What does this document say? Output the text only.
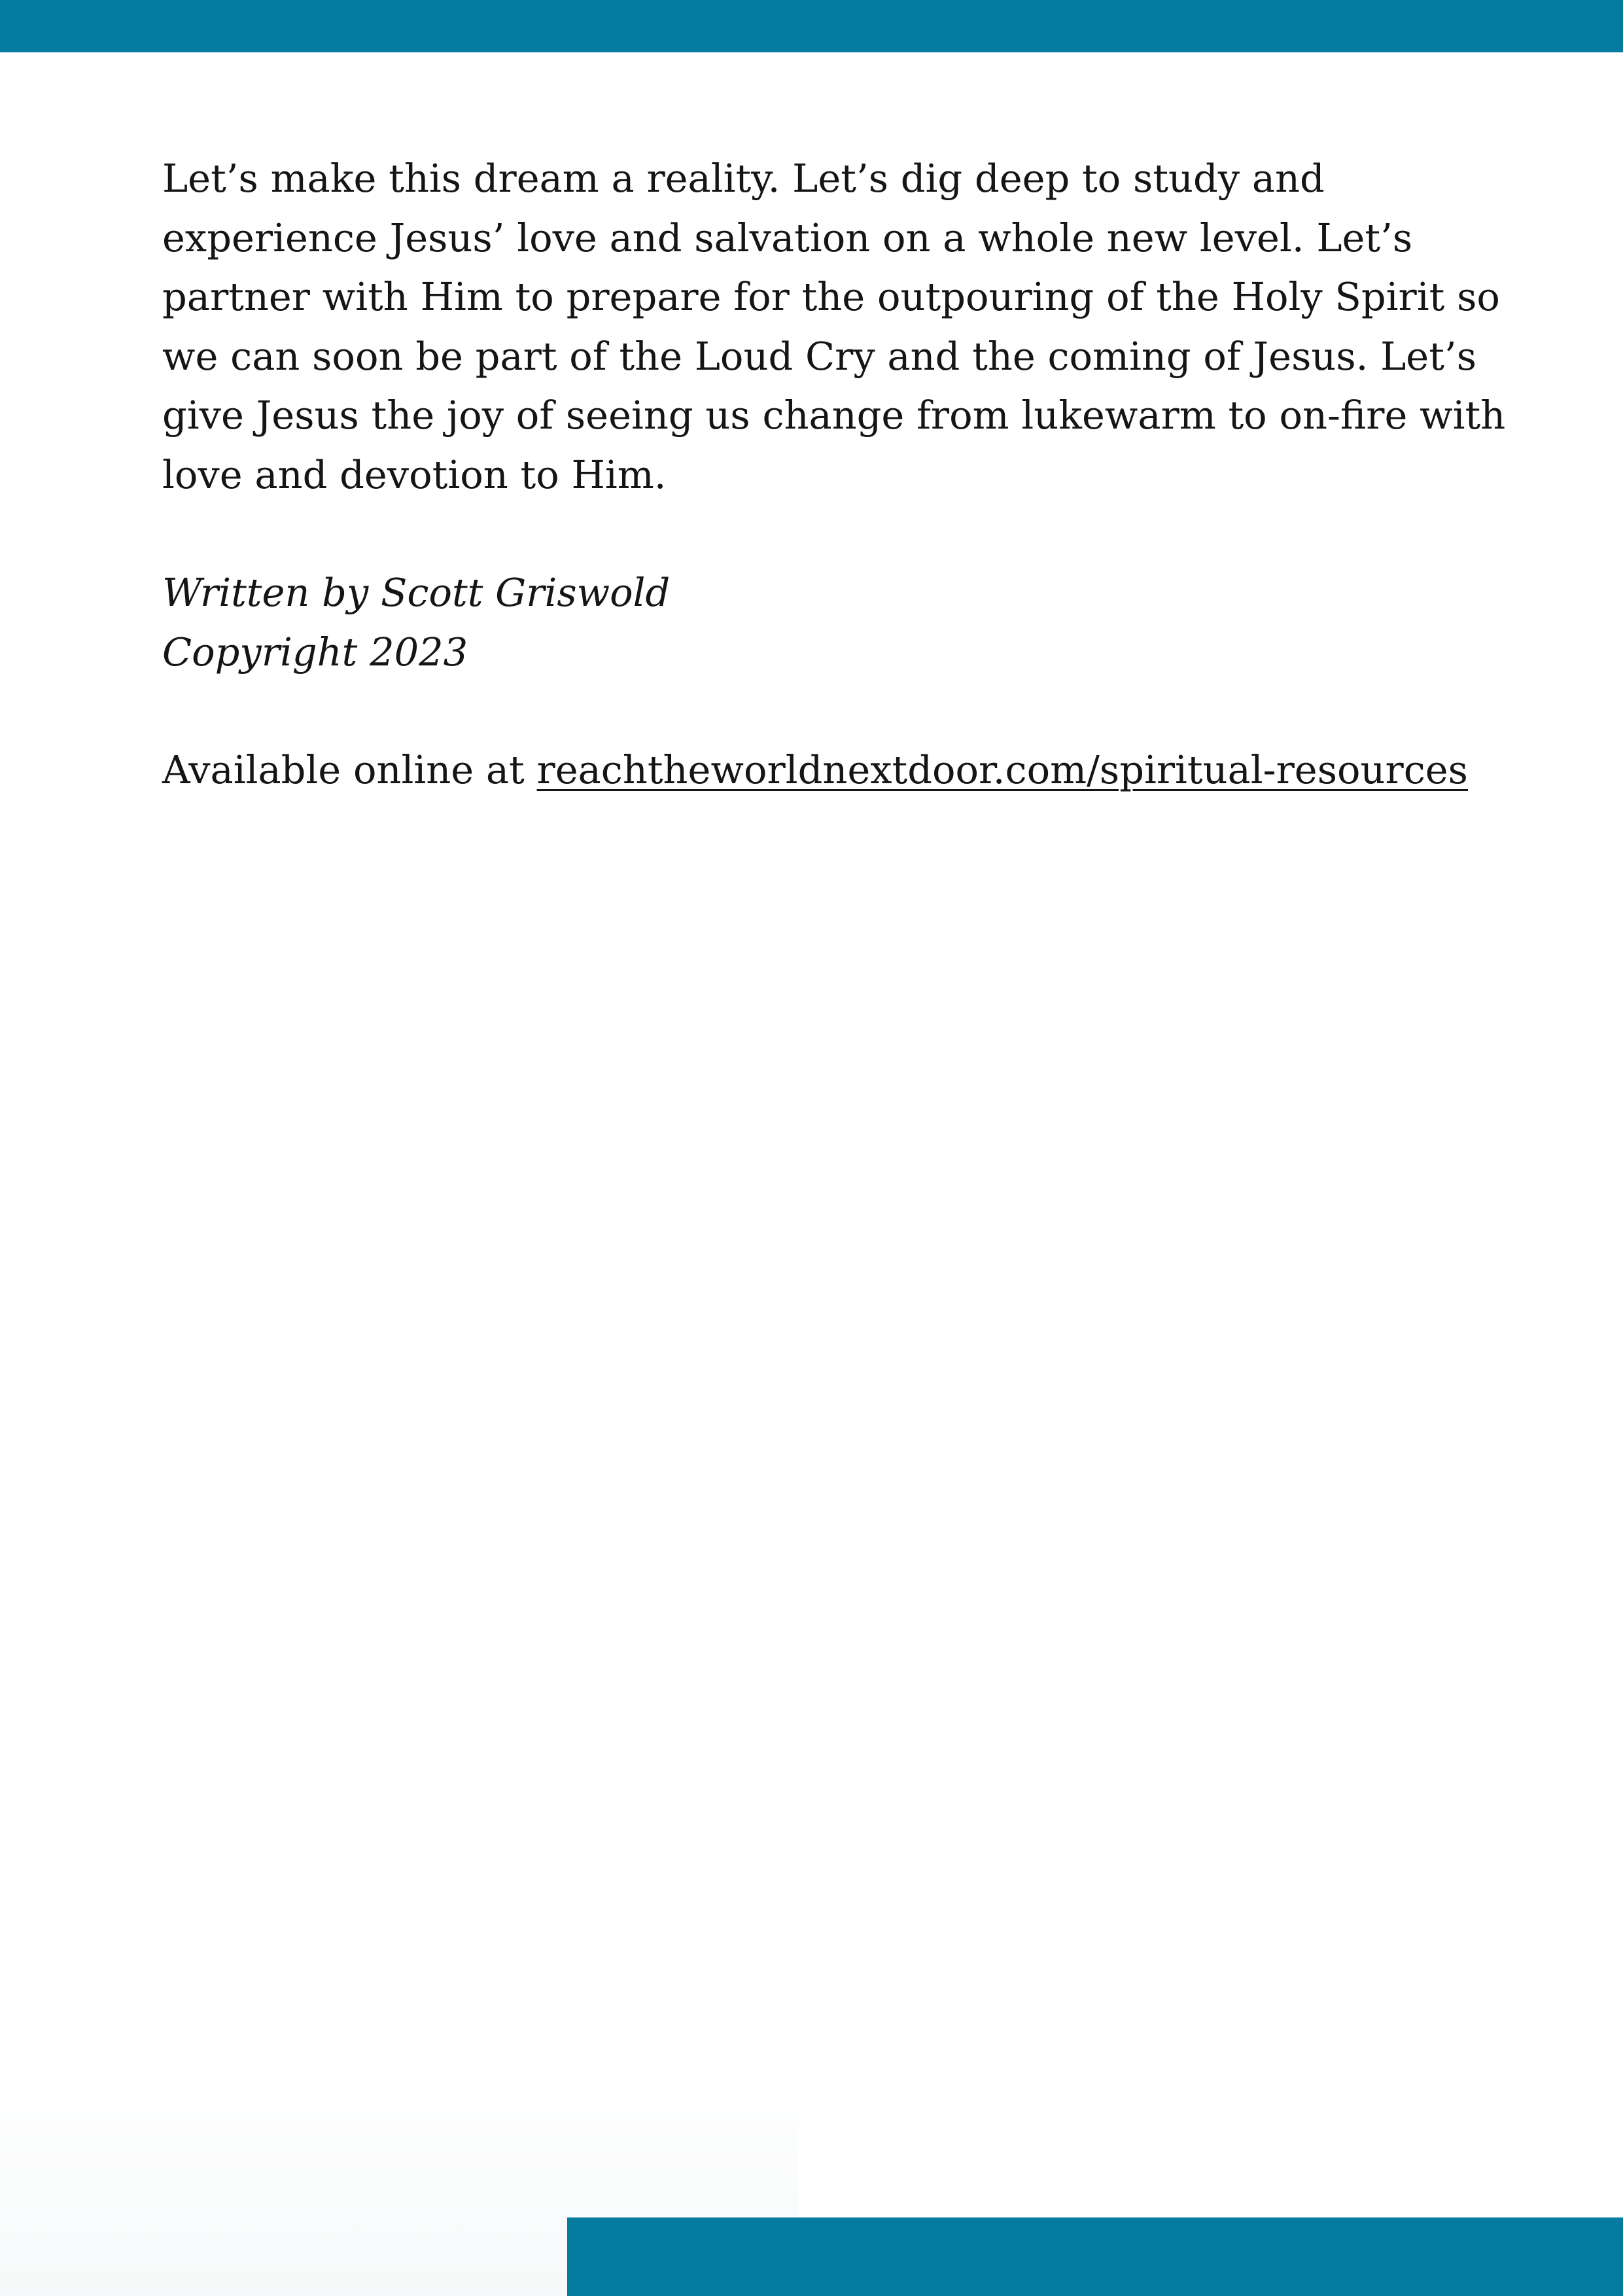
Let’s make this dream a reality. Let’s dig deep to study and
experience Jesus’ love and salvation on a whole new level. Let’s
partner with Him to prepare for the outpouring of the Holy Spirit so
we can soon be part of the Loud Cry and the coming of Jesus. Let’s
give Jesus the joy of seeing us change from lukewarm to on-fire with
love and devotion to Him.
Written by Scott Griswold
Copyright 2023
Available online at reachtheworldnextdoor.com/spiritual-resources
